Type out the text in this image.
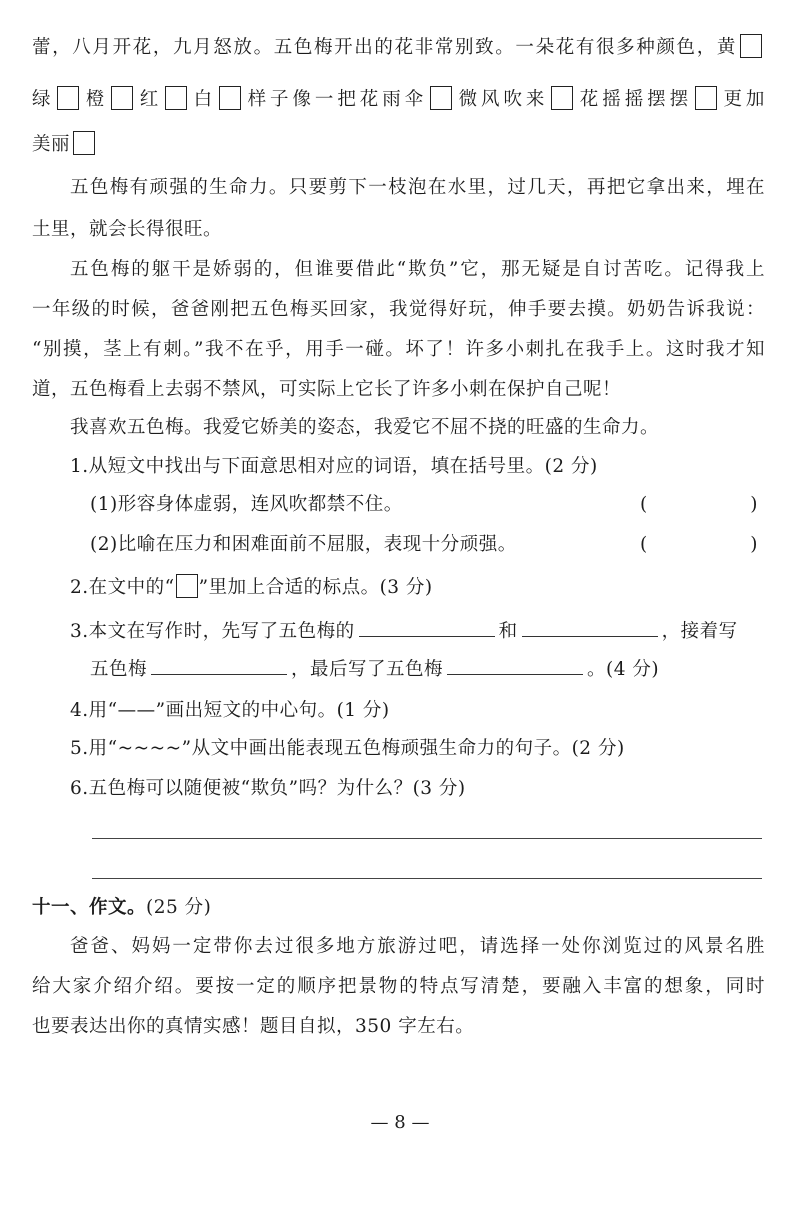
蕾，八月开花，九月怒放。五色梅开出的花非常别致。一朵花有很多种颜色，黄
绿 橙 红 白 样子像一把花雨伞 微风吹来 花摇摇摆摆 更加
美丽
五色梅有顽强的生命力。只要剪下一枝泡在水里，过几天，再把它拿出来，埋在
土里，就会长得很旺。
五色梅的躯干是娇弱的，但谁要借此“欺负”它，那无疑是自讨苦吃。记得我上
一年级的时候，爸爸刚把五色梅买回家，我觉得好玩，伸手要去摸。奶奶告诉我说：
“别摸，茎上有刺。”我不在乎，用手一碰。坏了！许多小刺扎在我手上。这时我才知
道，五色梅看上去弱不禁风，可实际上它长了许多小刺在保护自己呢！
我喜欢五色梅。我爱它娇美的姿态，我爱它不屈不挠的旺盛的生命力。
1.从短文中找出与下面意思相对应的词语，填在括号里。(2 分)
(1)形容身体虚弱，连风吹都禁不住。	(	)
(2)比喻在压力和困难面前不屈服，表现十分顽强。	(	)
2.在文中的“ ”里加上合适的标点。(3 分)
3.本文在写作时，先写了五色梅的	和	，接着写
五色梅	，最后写了五色梅	。(4 分)
4.用“——”画出短文的中心句。(1 分)
5.用“~~~~”从文中画出能表现五色梅顽强生命力的句子。(2 分)
6.五色梅可以随便被“欺负”吗？为什么？(3 分)
十一、作文。(25 分)
爸爸、妈妈一定带你去过很多地方旅游过吧，请选择一处你浏览过的风景名胜
给大家介绍介绍。要按一定的顺序把景物的特点写清楚，要融入丰富的想象，同时
也要表达出你的真情实感！题目自拟，350 字左右。
— 8 —
